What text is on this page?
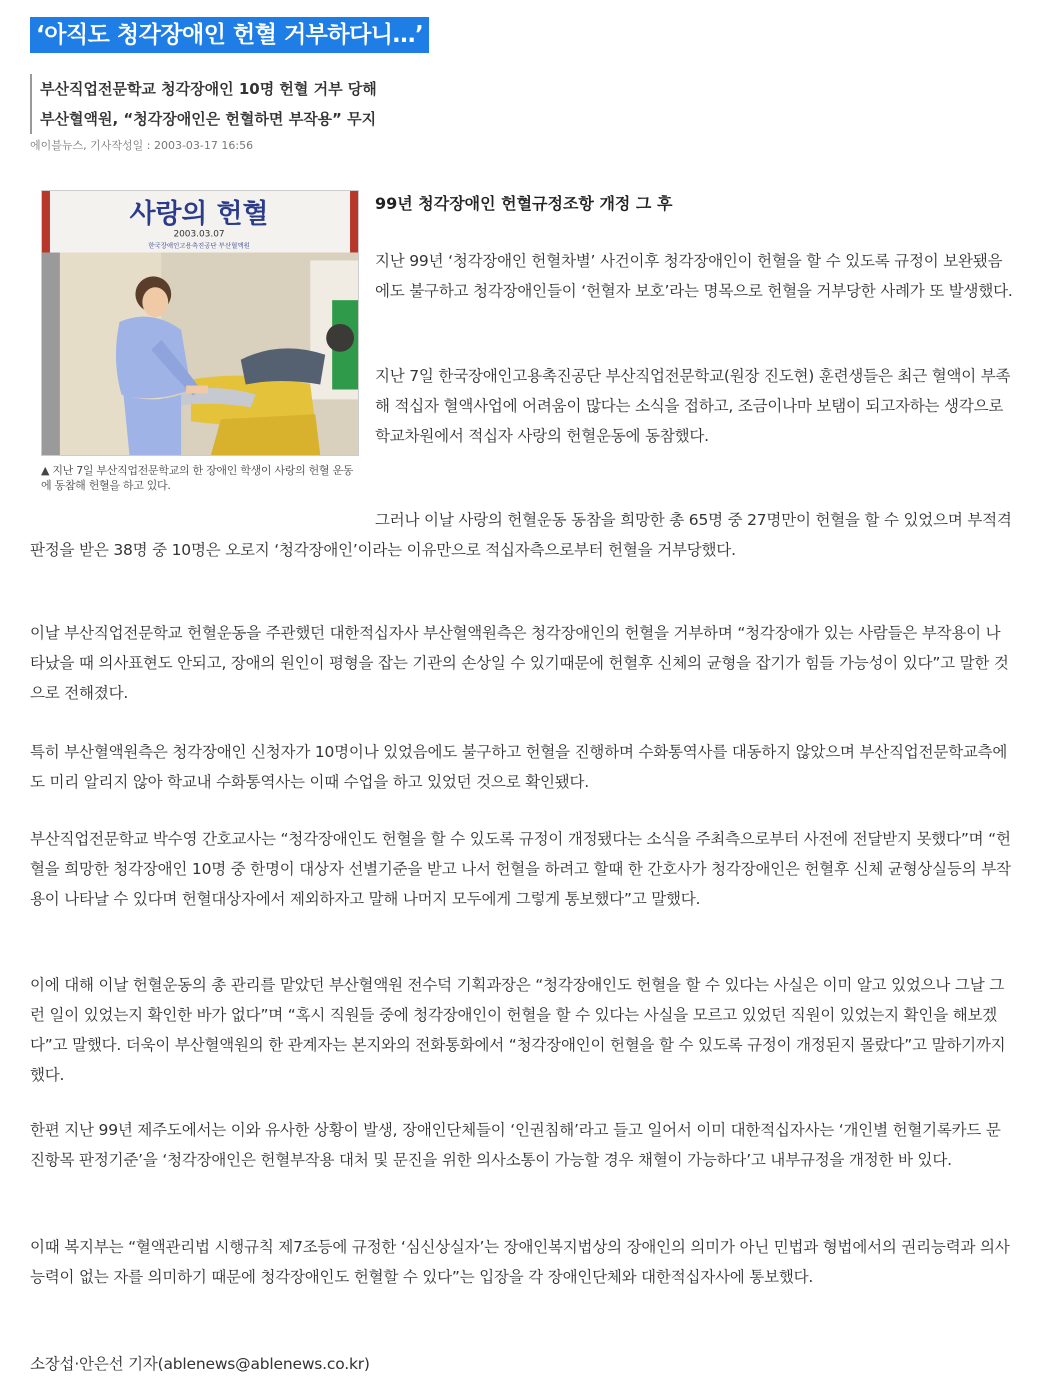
‘아직도 청각장애인 헌혈 거부하다니…’
부산직업전문학교 청각장애인 10명 헌혈 거부 당해
부산혈액원, “청각장애인은 헌혈하면 부작용” 무지
에이블뉴스, 기사작성일 : 2003-03-17 16:56
사랑의 헌혈
2003.03.07
한국장애인고용촉진공단 부산혈액원
▲ 지난 7일 부산직업전문학교의 한 장애인 학생이 사랑의 헌혈 운동에 동참해 헌혈을 하고 있다.
99년 청각장애인 헌혈규정조항 개정 그 후

지난 99년 ‘청각장애인 헌혈차별’ 사건이후 청각장애인이 헌혈을 할 수 있도록 규정이 보완됐음에도 불구하고 청각장애인들이 ‘헌혈자 보호’라는 명목으로 헌혈을 거부당한 사례가 또 발생했다.

지난 7일 한국장애인고용촉진공단 부산직업전문학교(원장 진도현) 훈련생들은 최근 혈액이 부족해 적십자 혈액사업에 어려움이 많다는 소식을 접하고, 조금이나마 보탬이 되고자하는 생각으로 학교차원에서 적십자 사랑의 헌혈운동에 동참했다.

그러나 이날 사랑의 헌혈운동 동참을 희망한 총 65명 중 27명만이 헌혈을 할 수 있었으며 부적격 판정을 받은 38명 중 10명은 오로지 ‘청각장애인’이라는 이유만으로 적십자측으로부터 헌혈을 거부당했다.

이날 부산직업전문학교 헌혈운동을 주관했던 대한적십자사 부산혈액원측은 청각장애인의 헌혈을 거부하며 “청각장애가 있는 사람들은 부작용이 나타났을 때 의사표현도 안되고, 장애의 원인이 평형을 잡는 기관의 손상일 수 있기때문에 헌혈후 신체의 균형을 잡기가 힘들 가능성이 있다”고 말한 것으로 전해졌다.

특히 부산혈액원측은 청각장애인 신청자가 10명이나 있었음에도 불구하고 헌혈을 진행하며 수화통역사를 대동하지 않았으며 부산직업전문학교측에도 미리 알리지 않아 학교내 수화통역사는 이때 수업을 하고 있었던 것으로 확인됐다.

부산직업전문학교 박수영 간호교사는 “청각장애인도 헌혈을 할 수 있도록 규정이 개정됐다는 소식을 주최측으로부터 사전에 전달받지 못했다”며 “헌혈을 희망한 청각장애인 10명 중 한명이 대상자 선별기준을 받고 나서 헌혈을 하려고 할때 한 간호사가 청각장애인은 헌혈후 신체 균형상실등의 부작용이 나타날 수 있다며 헌혈대상자에서 제외하자고 말해 나머지 모두에게 그렇게 통보했다”고 말했다.

이에 대해 이날 헌혈운동의 총 관리를 맡았던 부산혈액원 전수덕 기획과장은 “청각장애인도 헌혈을 할 수 있다는 사실은 이미 알고 있었으나 그날 그런 일이 있었는지 확인한 바가 없다”며 “혹시 직원들 중에 청각장애인이 헌혈을 할 수 있다는 사실을 모르고 있었던 직원이 있었는지 확인을 해보겠다”고 말했다. 더욱이 부산혈액원의 한 관계자는 본지와의 전화통화에서 “청각장애인이 헌혈을 할 수 있도록 규정이 개정된지 몰랐다”고 말하기까지 했다.

한편 지난 99년 제주도에서는 이와 유사한 상황이 발생, 장애인단체들이 ‘인권침해’라고 들고 일어서 이미 대한적십자사는 ‘개인별 헌혈기록카드 문진항목 판정기준’을 ‘청각장애인은 헌혈부작용 대처 및 문진을 위한 의사소통이 가능할 경우 채혈이 가능하다’고 내부규정을 개정한 바 있다.

이때 복지부는 “혈액관리법 시행규칙 제7조등에 규정한 ‘심신상실자’는 장애인복지법상의 장애인의 의미가 아닌 민법과 형법에서의 권리능력과 의사능력이 없는 자를 의미하기 때문에 청각장애인도 헌혈할 수 있다”는 입장을 각 장애인단체와 대한적십자사에 통보했다.

소장섭·안은선 기자(ablenews@ablenews.co.kr)
